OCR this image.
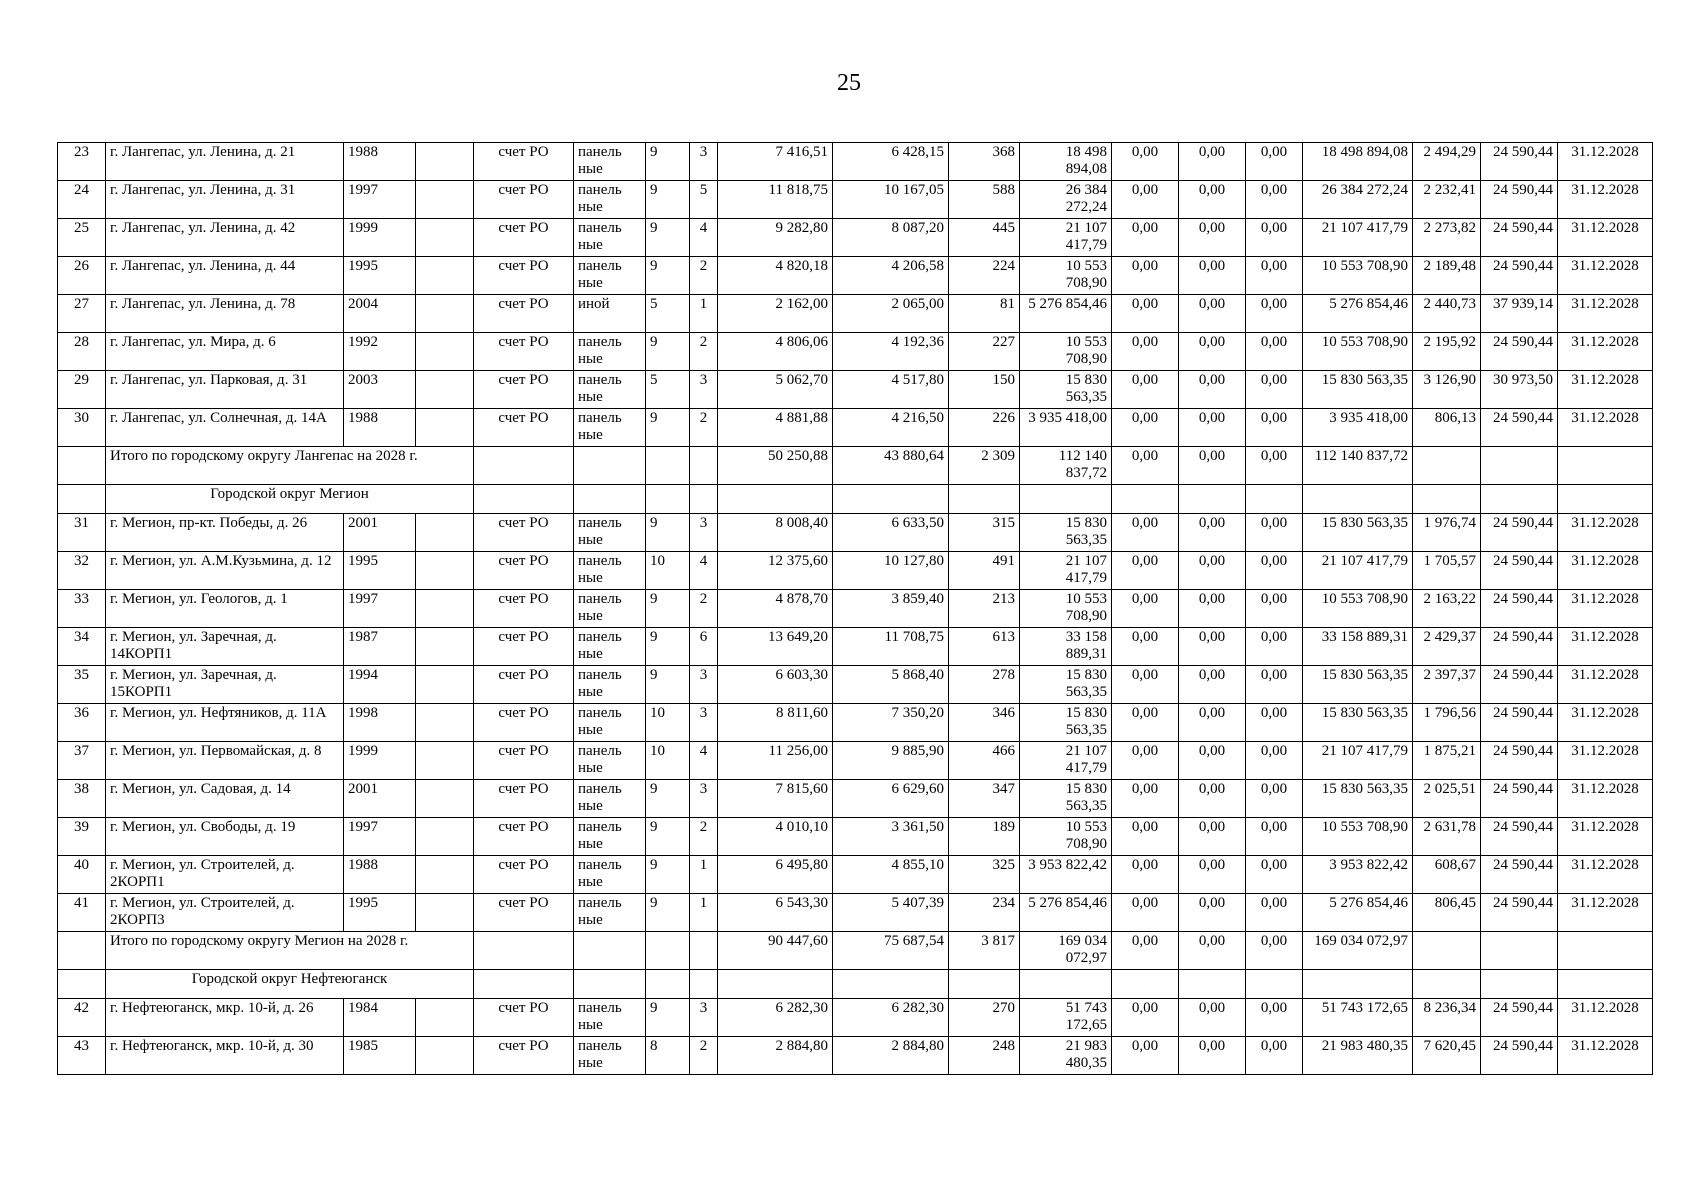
25
23	г. Лангепас, ул. Ленина, д. 21	1988		счет РО	панель ные	9	3	7 416,51	6 428,15	368	18 498 894,08	0,00	0,00	0,00	18 498 894,08	2 494,29	24 590,44	31.12.2028
24	г. Лангепас, ул. Ленина, д. 31	1997		счет РО	панель ные	9	5	11 818,75	10 167,05	588	26 384 272,24	0,00	0,00	0,00	26 384 272,24	2 232,41	24 590,44	31.12.2028
25	г. Лангепас, ул. Ленина, д. 42	1999		счет РО	панель ные	9	4	9 282,80	8 087,20	445	21 107 417,79	0,00	0,00	0,00	21 107 417,79	2 273,82	24 590,44	31.12.2028
26	г. Лангепас, ул. Ленина, д. 44	1995		счет РО	панель ные	9	2	4 820,18	4 206,58	224	10 553 708,90	0,00	0,00	0,00	10 553 708,90	2 189,48	24 590,44	31.12.2028
27	г. Лангепас, ул. Ленина, д. 78	2004		счет РО	иной	5	1	2 162,00	2 065,00	81	5 276 854,46	0,00	0,00	0,00	5 276 854,46	2 440,73	37 939,14	31.12.2028
28	г. Лангепас, ул. Мира, д. 6	1992		счет РО	панель ные	9	2	4 806,06	4 192,36	227	10 553 708,90	0,00	0,00	0,00	10 553 708,90	2 195,92	24 590,44	31.12.2028
29	г. Лангепас, ул. Парковая, д. 31	2003		счет РО	панель ные	5	3	5 062,70	4 517,80	150	15 830 563,35	0,00	0,00	0,00	15 830 563,35	3 126,90	30 973,50	31.12.2028
30	г. Лангепас, ул. Солнечная, д. 14А	1988		счет РО	панель ные	9	2	4 881,88	4 216,50	226	3 935 418,00	0,00	0,00	0,00	3 935 418,00	806,13	24 590,44	31.12.2028
	Итого по городскому округу Лангепас на 2028 г.							50 250,88	43 880,64	2 309	112 140 837,72	0,00	0,00	0,00	112 140 837,72			
	Городской округ Мегион																	
31	г. Мегион, пр-кт. Победы, д. 26	2001		счет РО	панель ные	9	3	8 008,40	6 633,50	315	15 830 563,35	0,00	0,00	0,00	15 830 563,35	1 976,74	24 590,44	31.12.2028
32	г. Мегион, ул. А.М.Кузьмина, д. 12	1995		счет РО	панель ные	10	4	12 375,60	10 127,80	491	21 107 417,79	0,00	0,00	0,00	21 107 417,79	1 705,57	24 590,44	31.12.2028
33	г. Мегион, ул. Геологов, д. 1	1997		счет РО	панель ные	9	2	4 878,70	3 859,40	213	10 553 708,90	0,00	0,00	0,00	10 553 708,90	2 163,22	24 590,44	31.12.2028
34	г. Мегион, ул. Заречная, д. 14КОРП1	1987		счет РО	панель ные	9	6	13 649,20	11 708,75	613	33 158 889,31	0,00	0,00	0,00	33 158 889,31	2 429,37	24 590,44	31.12.2028
35	г. Мегион, ул. Заречная, д. 15КОРП1	1994		счет РО	панель ные	9	3	6 603,30	5 868,40	278	15 830 563,35	0,00	0,00	0,00	15 830 563,35	2 397,37	24 590,44	31.12.2028
36	г. Мегион, ул. Нефтяников, д. 11А	1998		счет РО	панель ные	10	3	8 811,60	7 350,20	346	15 830 563,35	0,00	0,00	0,00	15 830 563,35	1 796,56	24 590,44	31.12.2028
37	г. Мегион, ул. Первомайская, д. 8	1999		счет РО	панель ные	10	4	11 256,00	9 885,90	466	21 107 417,79	0,00	0,00	0,00	21 107 417,79	1 875,21	24 590,44	31.12.2028
38	г. Мегион, ул. Садовая, д. 14	2001		счет РО	панель ные	9	3	7 815,60	6 629,60	347	15 830 563,35	0,00	0,00	0,00	15 830 563,35	2 025,51	24 590,44	31.12.2028
39	г. Мегион, ул. Свободы, д. 19	1997		счет РО	панель ные	9	2	4 010,10	3 361,50	189	10 553 708,90	0,00	0,00	0,00	10 553 708,90	2 631,78	24 590,44	31.12.2028
40	г. Мегион, ул. Строителей, д. 2КОРП1	1988		счет РО	панель ные	9	1	6 495,80	4 855,10	325	3 953 822,42	0,00	0,00	0,00	3 953 822,42	608,67	24 590,44	31.12.2028
41	г. Мегион, ул. Строителей, д. 2КОРП3	1995		счет РО	панель ные	9	1	6 543,30	5 407,39	234	5 276 854,46	0,00	0,00	0,00	5 276 854,46	806,45	24 590,44	31.12.2028
	Итого по городскому округу Мегион на 2028 г.							90 447,60	75 687,54	3 817	169 034 072,97	0,00	0,00	0,00	169 034 072,97			
	Городской округ Нефтеюганск																	
42	г. Нефтеюганск, мкр. 10-й, д. 26	1984		счет РО	панель ные	9	3	6 282,30	6 282,30	270	51 743 172,65	0,00	0,00	0,00	51 743 172,65	8 236,34	24 590,44	31.12.2028
43	г. Нефтеюганск, мкр. 10-й, д. 30	1985		счет РО	панель ные	8	2	2 884,80	2 884,80	248	21 983 480,35	0,00	0,00	0,00	21 983 480,35	7 620,45	24 590,44	31.12.2028
